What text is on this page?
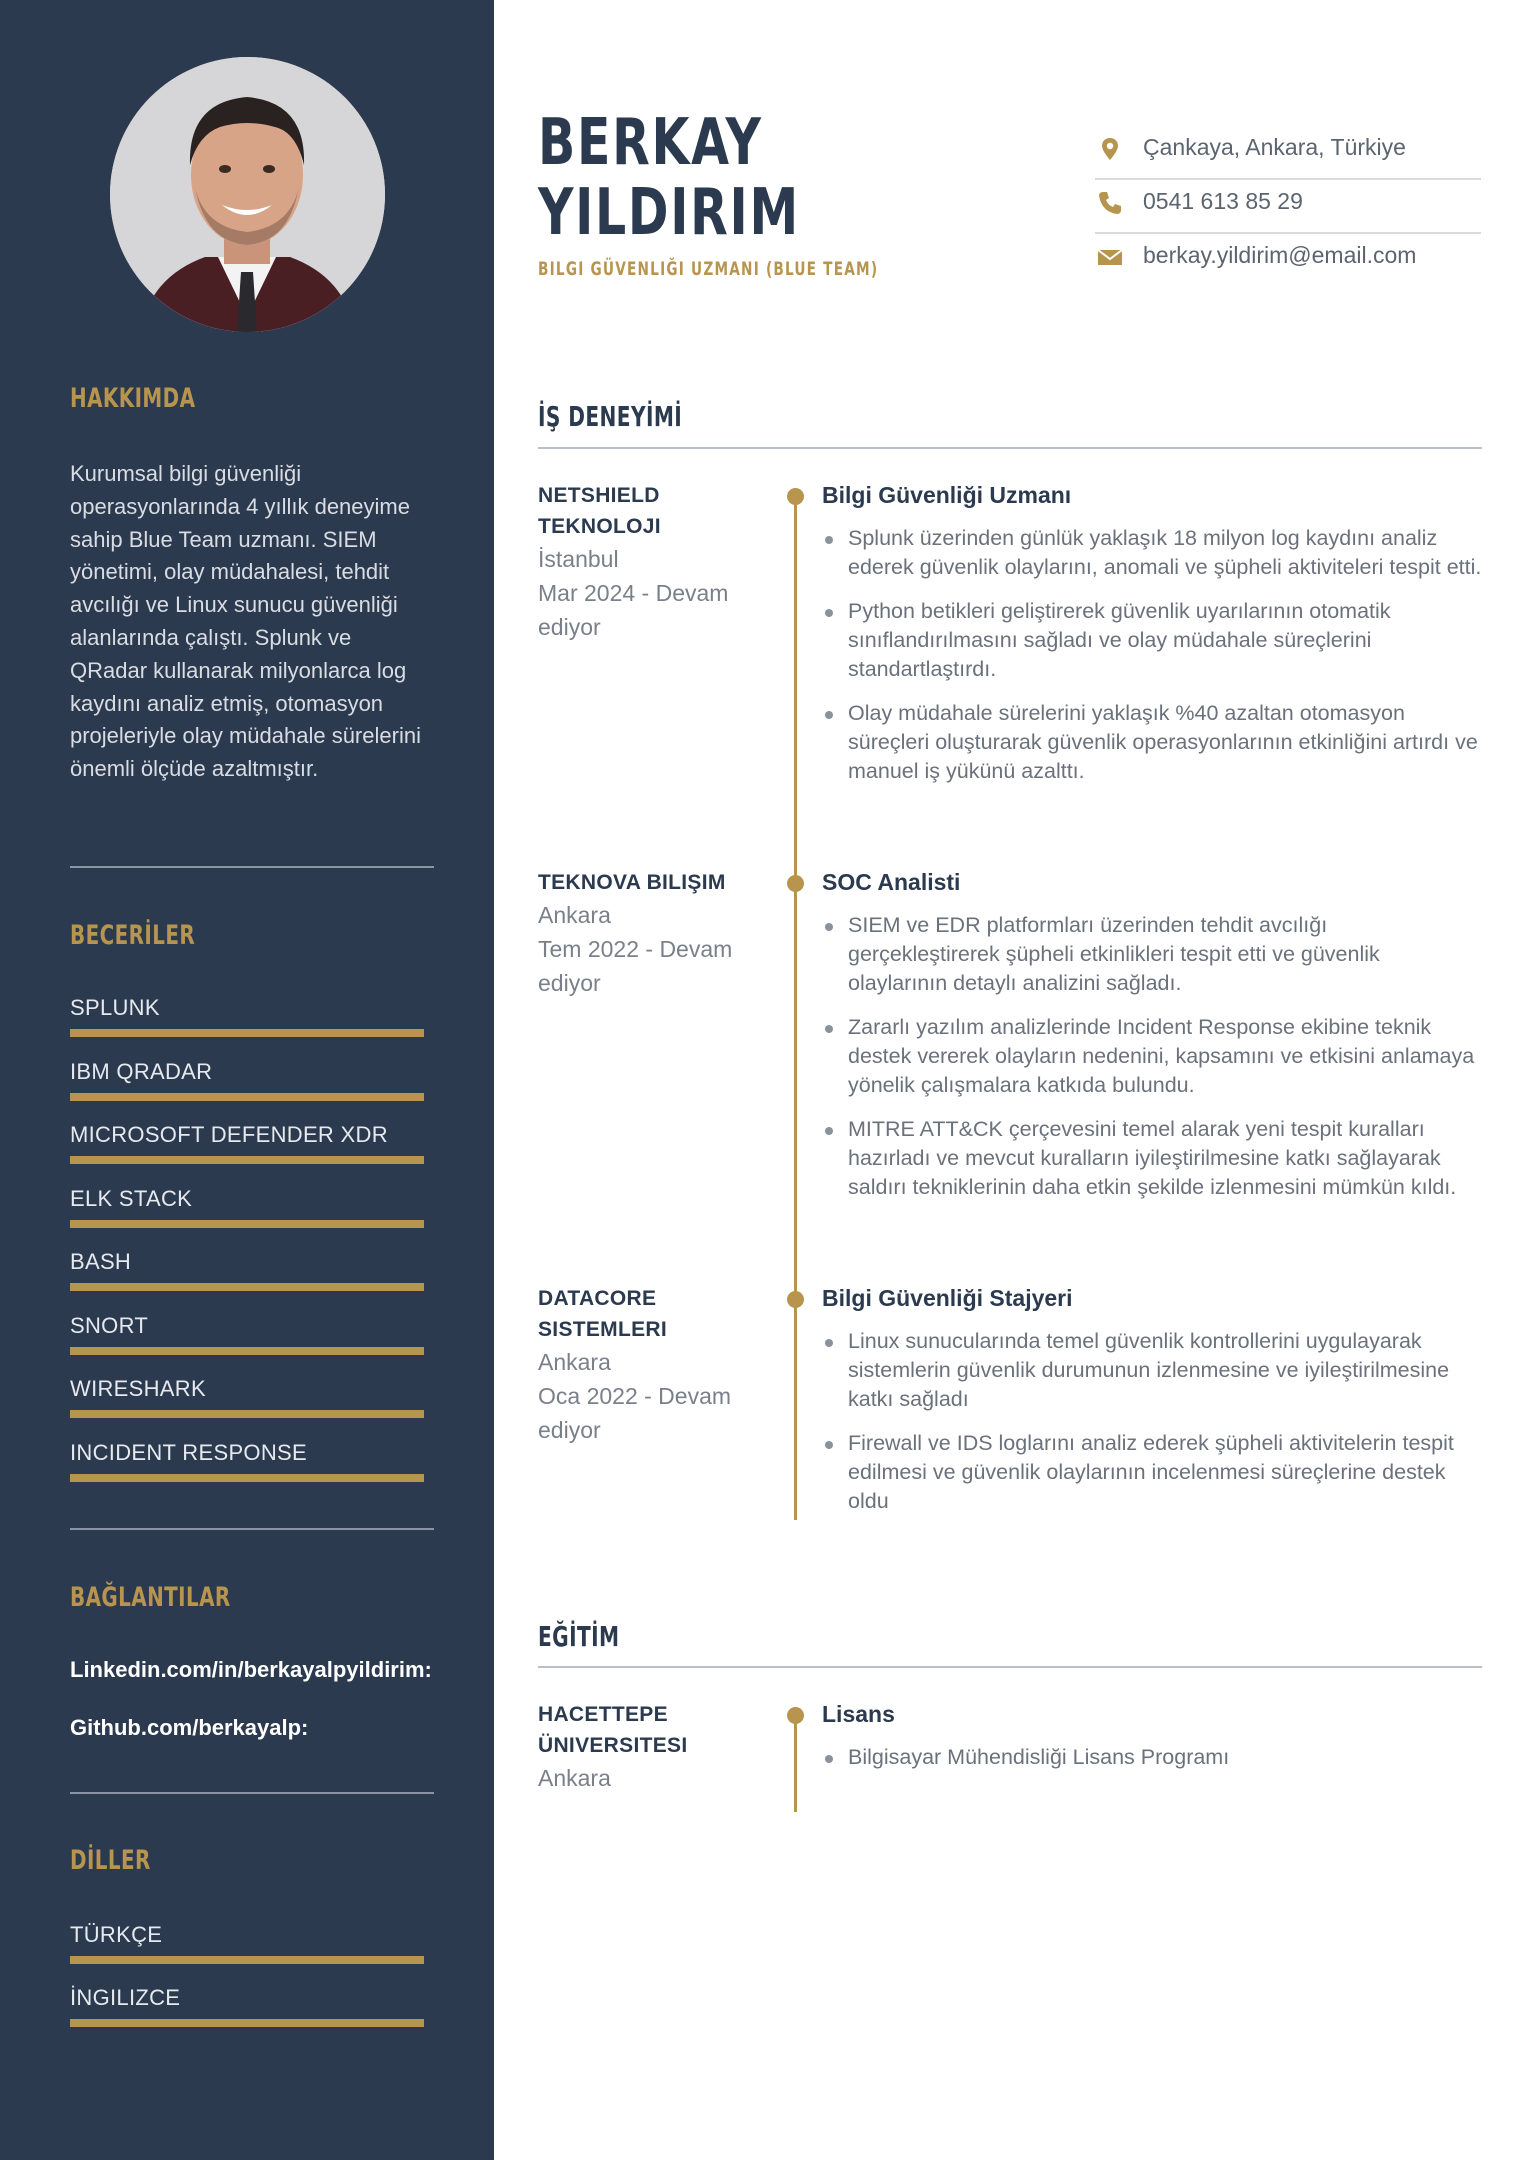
HAKKIMDA

Kurumsal bilgi güvenliği operasyonlarında 4 yıllık deneyime sahip Blue Team uzmanı. SIEM yönetimi, olay müdahalesi, tehdit avcılığı ve Linux sunucu güvenliği alanlarında çalıştı. Splunk ve QRadar kullanarak milyonlarca log kaydını analiz etmiş, otomasyon projeleriyle olay müdahale sürelerini önemli ölçüde azaltmıştır.

BECERİLER
SPLUNK
IBM QRADAR
MICROSOFT DEFENDER XDR
ELK STACK
BASH
SNORT
WIRESHARK
INCIDENT RESPONSE
BAĞLANTILAR
Linkedin.com/in/berkayalpyildirim:
Github.com/berkayalp:
DİLLER
TÜRKÇE
İNGILIZCE
BERKAY
YILDIRIM

BILGI GÜVENLIĞI UZMANI (BLUE TEAM)

Çankaya, Ankara, Türkiye
0541 613 85 29
berkay.yildirim@email.com
İŞ DENEYİMİ
NETSHIELD TEKNOLOJI
İstanbul
Mar 2024 - Devam ediyor
Bilgi Güvenliği Uzmanı
Splunk üzerinden günlük yaklaşık 18 milyon log kaydını analiz ederek güvenlik olaylarını, anomali ve şüpheli aktiviteleri tespit etti.
Python betikleri geliştirerek güvenlik uyarılarının otomatik sınıflandırılmasını sağladı ve olay müdahale süreçlerini standartlaştırdı.
Olay müdahale sürelerini yaklaşık %40 azaltan otomasyon süreçleri oluşturarak güvenlik operasyonlarının etkinliğini artırdı ve manuel iş yükünü azalttı.
TEKNOVA BILIŞIM
Ankara
Tem 2022 - Devam ediyor
SOC Analisti
SIEM ve EDR platformları üzerinden tehdit avcılığı gerçekleştirerek şüpheli etkinlikleri tespit etti ve güvenlik olaylarının detaylı analizini sağladı.
Zararlı yazılım analizlerinde Incident Response ekibine teknik destek vererek olayların nedenini, kapsamını ve etkisini anlamaya yönelik çalışmalara katkıda bulundu.
MITRE ATT&CK çerçevesini temel alarak yeni tespit kuralları hazırladı ve mevcut kuralların iyileştirilmesine katkı sağlayarak saldırı tekniklerinin daha etkin şekilde izlenmesini mümkün kıldı.
DATACORE SISTEMLERI
Ankara
Oca 2022 - Devam ediyor
Bilgi Güvenliği Stajyeri
Linux sunucularında temel güvenlik kontrollerini uygulayarak sistemlerin güvenlik durumunun izlenmesine ve iyileştirilmesine katkı sağladı
Firewall ve IDS loglarını analiz ederek şüpheli aktivitelerin tespit edilmesi ve güvenlik olaylarının incelenmesi süreçlerine destek oldu
EĞİTİM
HACETTEPE ÜNIVERSITESI
Ankara
Lisans
Bilgisayar Mühendisliği Lisans Programı
